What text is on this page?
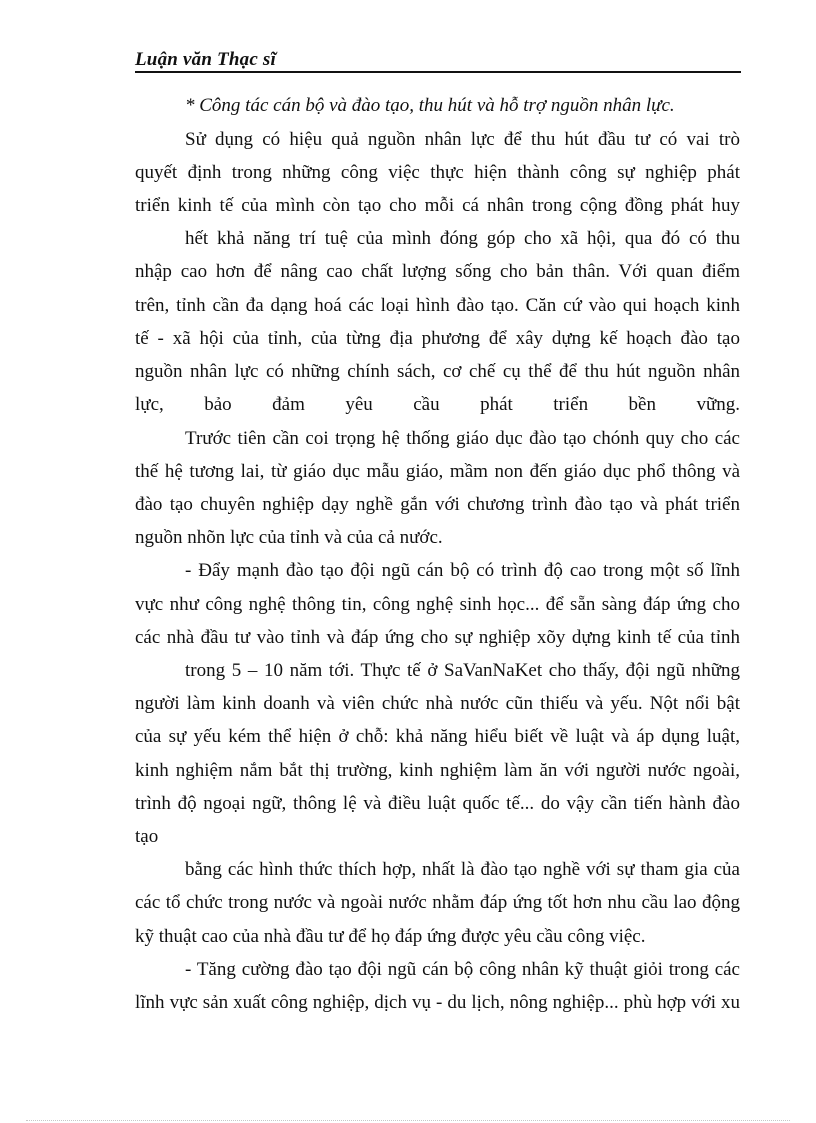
Luận văn Thạc sĩ
* Công tác cán bộ và đào tạo, thu hút và hỗ trợ nguồn nhân lực.
Sử dụng có hiệu quả nguồn nhân lực để thu hút đầu tư có vai trò
quyết định trong những công việc thực hiện thành công sự nghiệp phát
triển kinh tế của mình còn tạo cho mỗi cá nhân trong cộng đồng phát huy
hết khả năng trí tuệ của mình đóng góp cho xã hội, qua đó có thu
nhập cao hơn để nâng cao chất lượng sống cho bản thân. Với quan điểm
trên, tỉnh cần đa dạng hoá các loại hình đào tạo. Căn cứ vào qui hoạch kinh
tế - xã hội của tỉnh, của từng địa phương để xây dựng kế hoạch đào tạo
nguồn nhân lực có những chính sách, cơ chế cụ thể để thu hút nguồn nhân
lực, bảo đảm yêu cầu phát triển bền vững.
Trước tiên cần coi trọng hệ thống giáo dục đào tạo chónh quy cho các
thế hệ tương lai, từ giáo dục mẫu giáo, mầm non đến giáo dục phổ thông và
đào tạo chuyên nghiệp dạy nghề gắn với chương trình đào tạo và phát triển
nguồn nhõn lực của tỉnh và của cả nước.
- Đẩy mạnh đào tạo đội ngũ cán bộ có trình độ cao trong một số lĩnh
vực như công nghệ thông tin, công nghệ sinh học... để sẵn sàng đáp ứng cho
các nhà đầu tư vào tỉnh và đáp ứng cho sự nghiệp xõy dựng kinh tế của tỉnh
trong 5 – 10 năm tới. Thực tế ở SaVanNaKet cho thấy, đội ngũ những
người làm kinh doanh và viên chức nhà nước cũn thiếu và yếu. Nột nổi bật
của sự yếu kém thể hiện ở chỗ: khả năng hiểu biết về luật và áp dụng luật,
kinh nghiệm nắm bắt thị trường, kinh nghiệm làm ăn với người nước ngoài,
trình độ ngoại ngữ, thông lệ và điều luật quốc tế... do vậy cần tiến hành đào
tạo
bằng các hình thức thích hợp, nhất là đào tạo nghề với sự tham gia của
các tổ chức trong nước và ngoài nước nhằm đáp ứng tốt hơn nhu cầu lao động
kỹ thuật cao của nhà đầu tư để họ đáp ứng được yêu cầu công việc.
- Tăng cường đào tạo đội ngũ cán bộ công nhân kỹ thuật giỏi trong các
lĩnh vực sản xuất công nghiệp, dịch vụ - du lịch, nông nghiệp... phù hợp với xu
